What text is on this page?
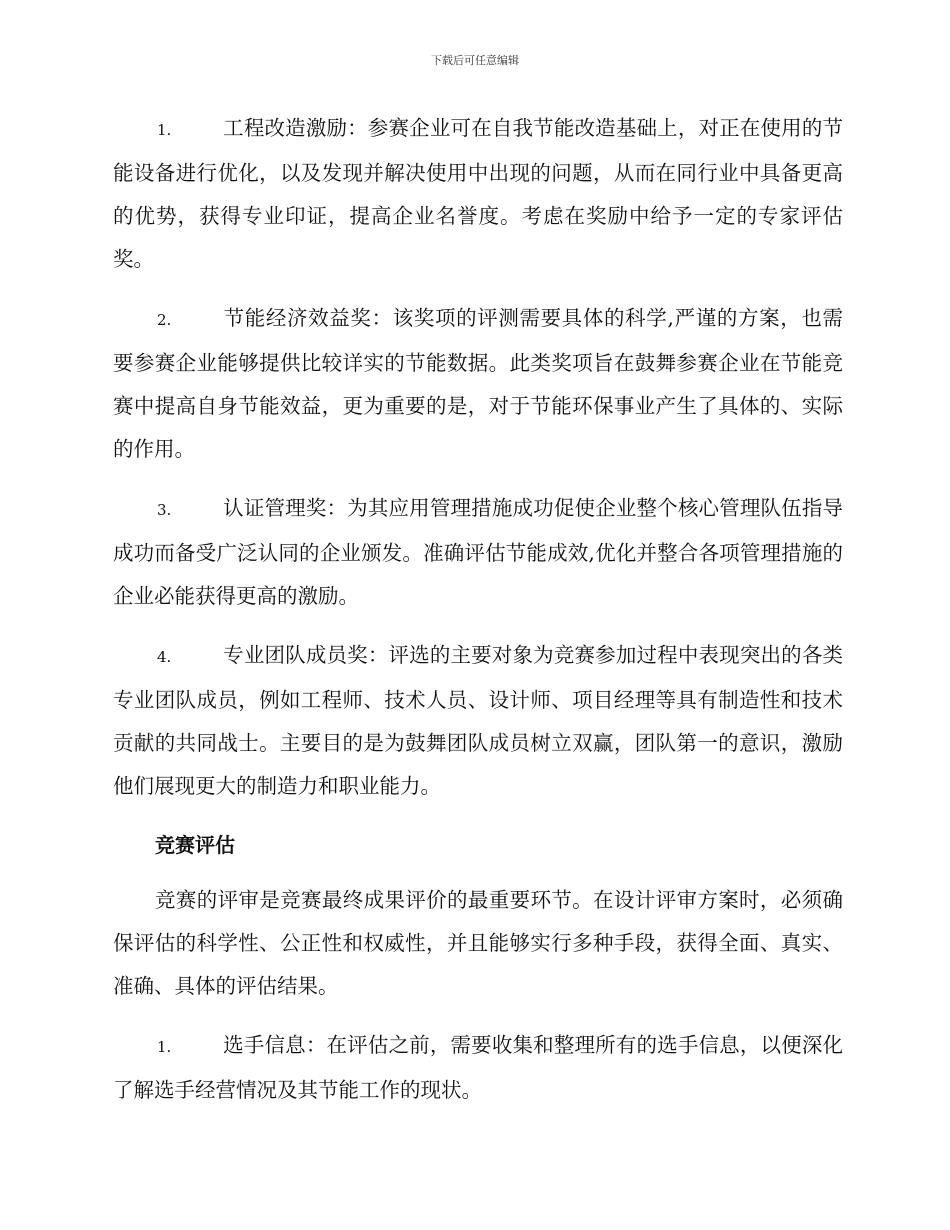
下载后可任意编辑

1.	工程改造激励：参赛企业可在自我节能改造基础上，对正在使用的节能设备进行优化，以及发现并解决使用中出现的问题，从而在同行业中具备更高的优势，获得专业印证，提高企业名誉度。考虑在奖励中给予一定的专家评估奖。

2.	节能经济效益奖：该奖项的评测需要具体的科学,严谨的方案，也需要参赛企业能够提供比较详实的节能数据。此类奖项旨在鼓舞参赛企业在节能竞赛中提高自身节能效益，更为重要的是，对于节能环保事业产生了具体的、实际的作用。

3.	认证管理奖：为其应用管理措施成功促使企业整个核心管理队伍指导成功而备受广泛认同的企业颁发。准确评估节能成效,优化并整合各项管理措施的企业必能获得更高的激励。

4.	专业团队成员奖：评选的主要对象为竞赛参加过程中表现突出的各类专业团队成员，例如工程师、技术人员、设计师、项目经理等具有制造性和技术贡献的共同战士。主要目的是为鼓舞团队成员树立双赢，团队第一的意识，激励他们展现更大的制造力和职业能力。

竞赛评估

竞赛的评审是竞赛最终成果评价的最重要环节。在设计评审方案时，必须确保评估的科学性、公正性和权威性，并且能够实行多种手段，获得全面、真实、准确、具体的评估结果。

1.	选手信息：在评估之前，需要收集和整理所有的选手信息，以便深化了解选手经营情况及其节能工作的现状。
